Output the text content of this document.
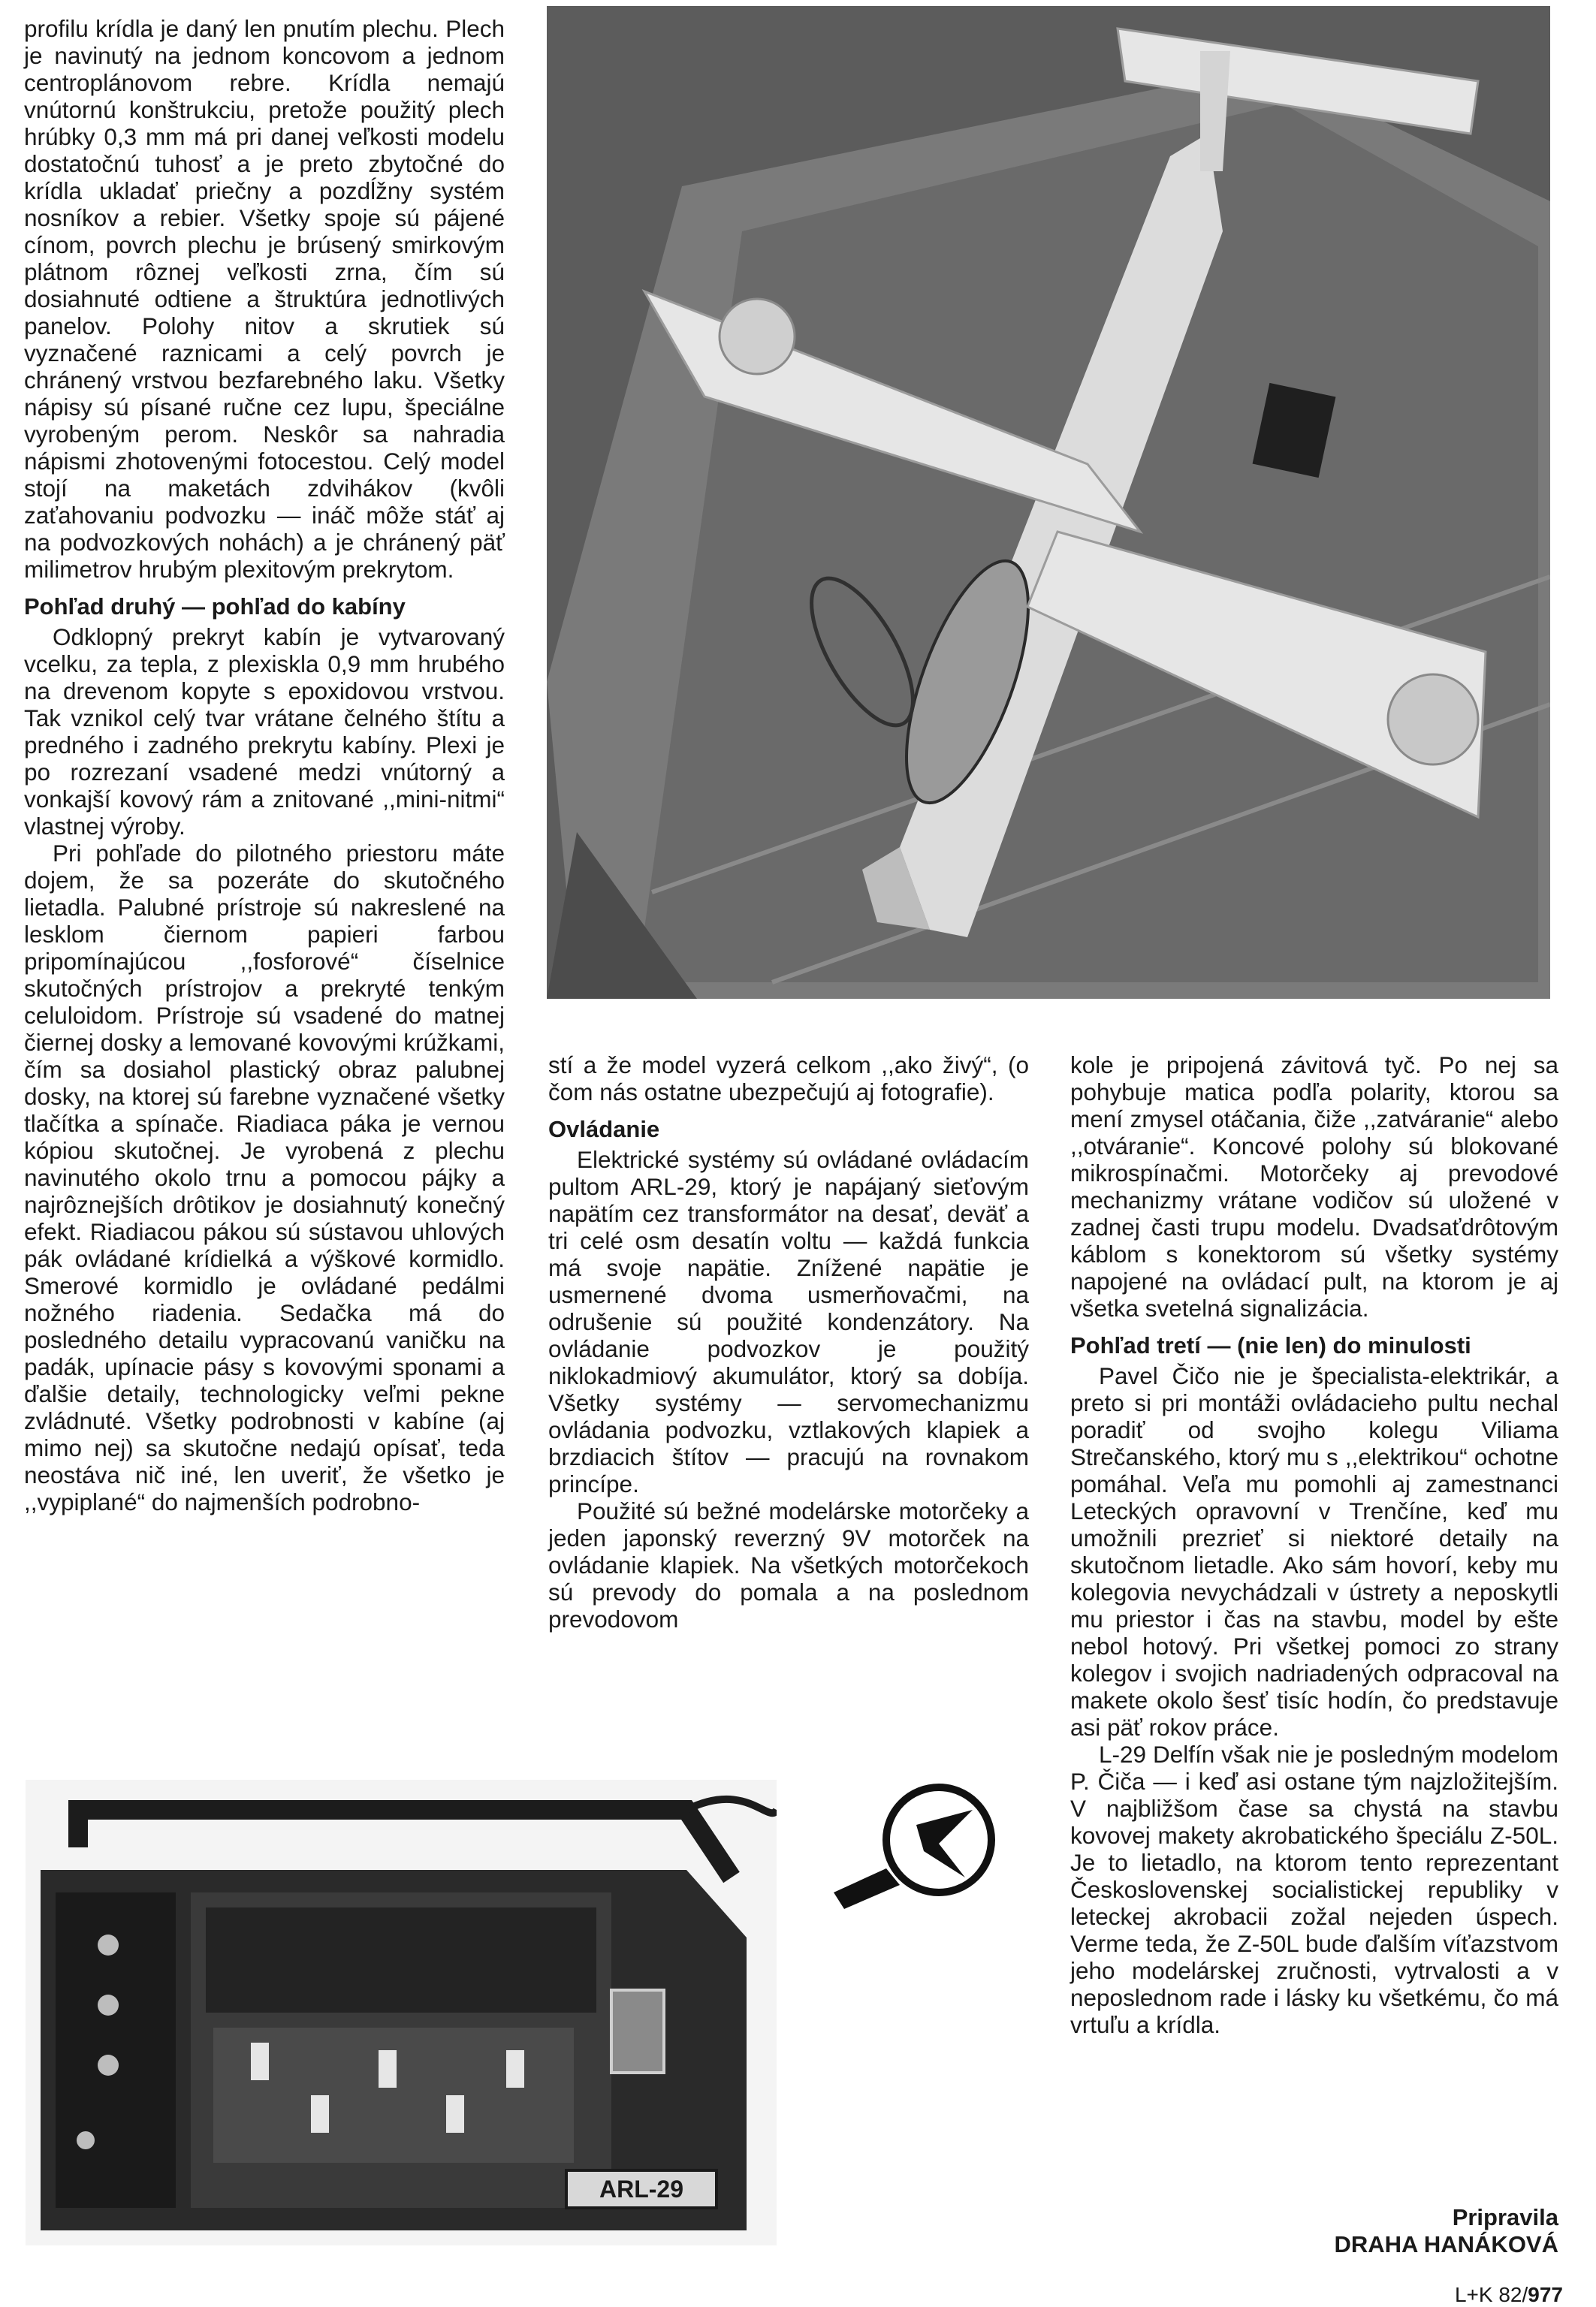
profilu krídla je daný len pnutím plechu. Plech je navinutý na jednom koncovom a jednom centroplánovom rebre. Krídla nemajú vnútornú konštrukciu, pretože použitý plech hrúbky 0,3 mm má pri danej veľkosti modelu dostatočnú tuhosť a je preto zbytočné do krídla ukladať priečny a pozdĺžny systém nosníkov a rebier. Všetky spoje sú pájené cínom, povrch plechu je brúsený smirkovým plátnom rôznej veľkosti zrna, čím sú dosiahnuté odtiene a štruktúra jednotlivých panelov. Polohy nitov a skrutiek sú vyznačené raznicami a celý povrch je chránený vrstvou bezfarebného laku. Všetky nápisy sú písané ručne cez lupu, špeciálne vyrobeným perom. Neskôr sa nahradia nápismi zhotovenými fotocestou. Celý model stojí na maketách zdvihákov (kvôli zaťahovaniu podvozku — ináč môže stáť aj na podvozkových nohách) a je chránený päť milimetrov hrubým plexitovým prekrytom.

Pohľad druhý — pohľad do kabíny

Odklopný prekryt kabín je vytvarovaný vcelku, za tepla, z plexiskla 0,9 mm hrubého na drevenom kopyte s epoxidovou vrstvou. Tak vznikol celý tvar vrátane čelného štítu a predného i zadného prekrytu kabíny. Plexi je po rozrezaní vsadené medzi vnútorný a vonkajší kovový rám a znitované ,,mini-nitmi“ vlastnej výroby.

Pri pohľade do pilotného priestoru máte dojem, že sa pozeráte do skutočného lietadla. Palubné prístroje sú nakreslené na lesklom čiernom papieri farbou pripomínajúcou ,,fosforové“ číselnice skutočných prístrojov a prekryté tenkým celuloidom. Prístroje sú vsadené do matnej čiernej dosky a lemované kovovými krúžkami, čím sa dosiahol plastický obraz palubnej dosky, na ktorej sú farebne vyznačené všetky tlačítka a spínače. Riadiaca páka je vernou kópiou skutočnej. Je vyrobená z plechu navinutého okolo trnu a pomocou pájky a najrôznejších drôtikov je dosiahnutý konečný efekt. Riadiacou pákou sú sústavou uhlových pák ovládané krídielká a výškové kormidlo. Smerové kormidlo je ovládané pedálmi nožného riadenia. Sedačka má do posledného detailu vypracovanú vaničku na padák, upínacie pásy s kovovými sponami a ďalšie detaily, technologicky veľmi pekne zvládnuté. Všetky podrobnosti v kabíne (aj mimo nej) sa skutočne nedajú opísať, teda neostáva nič iné, len uveriť, že všetko je ,,vypiplané“ do najmenších podrobno-

stí a že model vyzerá celkom ,,ako živý“, (o čom nás ostatne ubezpečujú aj fotografie).

Ovládanie

Elektrické systémy sú ovládané ovládacím pultom ARL-29, ktorý je napájaný sieťovým napätím cez transformátor na desať, deväť a tri celé osm desatín voltu — každá funkcia má svoje napätie. Znížené napätie je usmernené dvoma usmerňovačmi, na odrušenie sú použité kondenzátory. Na ovládanie podvozkov je použitý niklokadmiový akumulátor, ktorý sa dobíja. Všetky systémy — servomechanizmu ovládania podvozku, vztlakových klapiek a brzdiacich štítov — pracujú na rovnakom princípe.

Použité sú bežné modelárske motorčeky a jeden japonský reverzný 9V motorček na ovládanie klapiek. Na všetkých motorčekoch sú prevody do pomala a na poslednom prevodovom

kole je pripojená závitová tyč. Po nej sa pohybuje matica podľa polarity, ktorou sa mení zmysel otáčania, čiže ,,zatváranie“ alebo ,,otváranie“. Koncové polohy sú blokované mikrospínačmi. Motorčeky aj prevodové mechanizmy vrátane vodičov sú uložené v zadnej časti trupu modelu. Dvadsaťdrôtovým káblom s konektorom sú všetky systémy napojené na ovládací pult, na ktorom je aj všetka svetelná signalizácia.

Pohľad tretí — (nie len) do minulosti

Pavel Čičo nie je špecialista-elektrikár, a preto si pri montáži ovládacieho pultu nechal poradiť od svojho kolegu Viliama Strečanského, ktorý mu s ,,elektrikou“ ochotne pomáhal. Veľa mu pomohli aj zamestnanci Leteckých opravovní v Trenčíne, keď mu umožnili prezrieť si niektoré detaily na skutočnom lietadle. Ako sám hovorí, keby mu kolegovia nevychádzali v ústrety a neposkytli mu priestor i čas na stavbu, model by ešte nebol hotový. Pri všetkej pomoci zo strany kolegov i svojich nadriadených odpracoval na makete okolo šesť tisíc hodín, čo predstavuje asi päť rokov práce.

L-29 Delfín však nie je posledným modelom P. Čiča — i keď asi ostane tým najzložitejším. V najbližšom čase sa chystá na stavbu kovovej makety akrobatického špeciálu Z-50L. Je to lietadlo, na ktorom tento reprezentant Československej socialistickej republiky v leteckej akrobacii zožal nejeden úspech. Verme teda, že Z-50L bude ďalším víťazstvom jeho modelárskej zručnosti, vytrvalosti a v neposlednom rade i lásky ku všetkému, čo má vrtuľu a krídla.

ARL-29
Pripravila
DRAHA HANÁKOVÁ
L+K 82/977
